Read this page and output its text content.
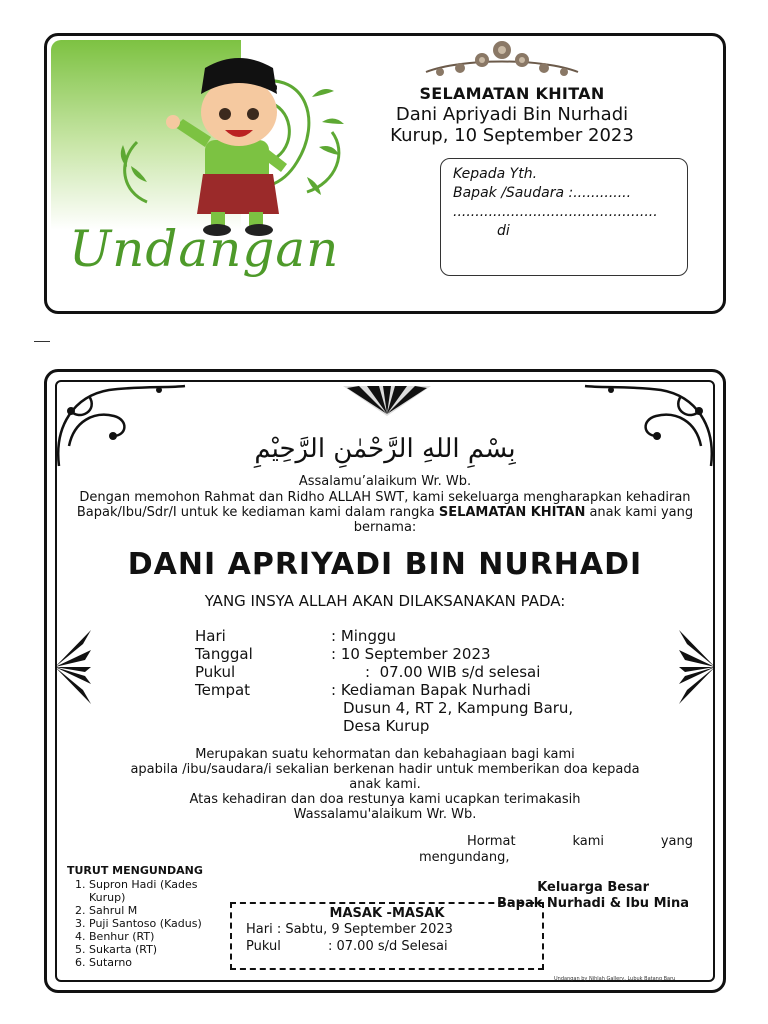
Undangan
SELAMATAN KHITAN
Dani Apriyadi Bin Nurhadi
Kurup, 10 September 2023
Kepada Yth.
Bapak /Saudara :.............
..............................................
di
بِسْمِ اللهِ الرَّحْمٰنِ الرَّحِيْمِ
Assalamu’alaikum Wr. Wb.
Dengan memohon Rahmat dan Ridho ALLAH SWT, kami sekeluarga mengharapkan kehadiran Bapak/Ibu/Sdr/I untuk ke kediaman kami dalam rangka SELAMATAN KHITAN anak kami yang bernama:
DANI APRIYADI BIN NURHADI
YANG INSYA ALLAH AKAN DILAKSANAKAN PADA:
Hari	: Minggu
Tanggal	: 10 September 2023
Pukul	:  07.00 WIB s/d selesai
Tempat	: Kediaman Bapak Nurhadi
Dusun 4, RT 2, Kampung Baru,
Desa Kurup
Merupakan suatu kehormatan dan kebahagiaan bagi kami
apabila /ibu/saudara/i sekalian berkenan hadir untuk memberikan doa kepada
anak kami.
Atas kehadiran dan doa restunya kami ucapkan terimakasih
Wassalamu'alaikum Wr. Wb.
Hormat	kami	yang
mengundang,
Keluarga Besar
Bapak Nurhadi & Ibu Mina
TURUT MENGUNDANG
1. Supron Hadi (Kades Kurup)
2. Sahrul M
3. Puji Santoso (Kadus)
4. Benhur (RT)
5. Sukarta (RT)
6. Sutarno
MASAK -MASAK
Hari : Sabtu, 9 September 2023
Pukul	: 07.00 s/d Selesai
Undangan by Nihlah Gallery, Lubuk Batang Baru
